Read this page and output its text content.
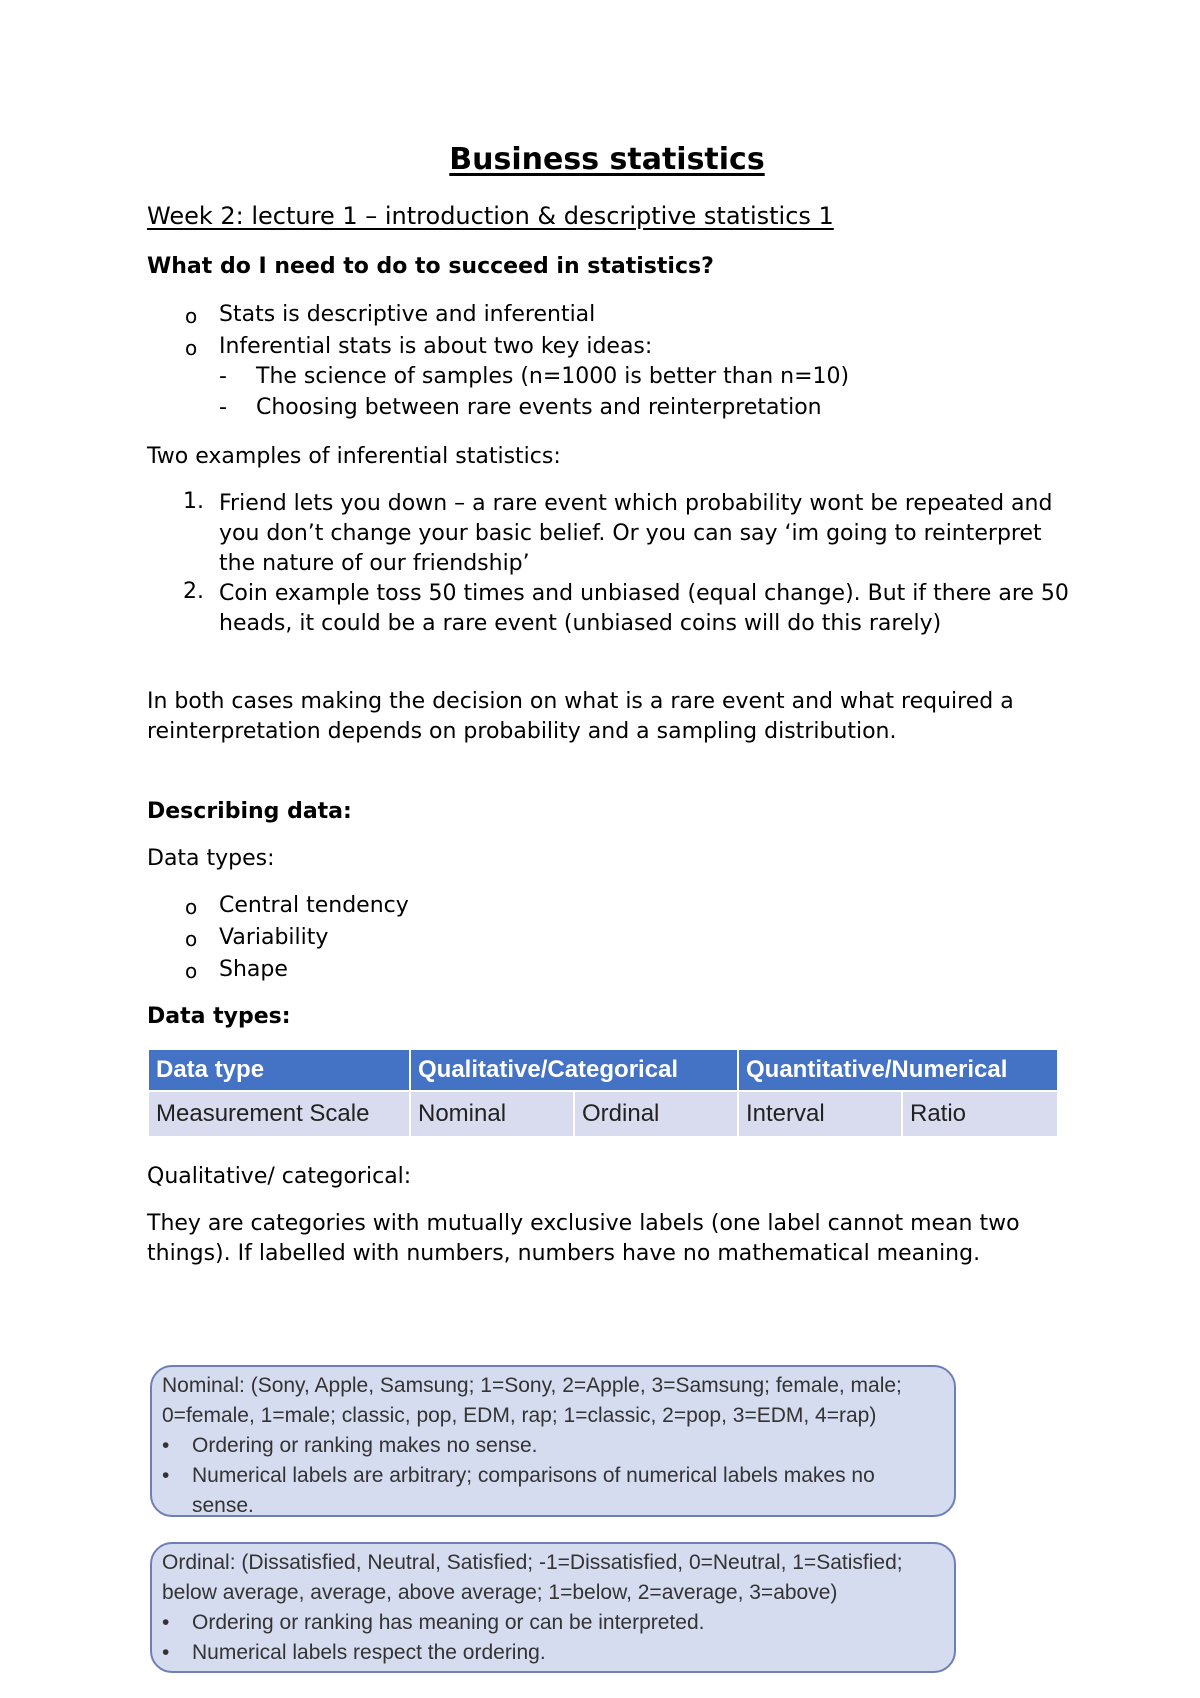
Business statistics
Week 2: lecture 1 – introduction & descriptive statistics 1
What do I need to do to succeed in statistics?
o Stats is descriptive and inferential
o Inferential stats is about two key ideas:
- The science of samples (n=1000 is better than n=10)
- Choosing between rare events and reinterpretation
Two examples of inferential statistics:
1. Friend lets you down – a rare event which probability wont be repeated and you don’t change your basic belief. Or you can say ‘im going to reinterpret the nature of our friendship’
2. Coin example toss 50 times and unbiased (equal change). But if there are 50 heads, it could be a rare event (unbiased coins will do this rarely)
In both cases making the decision on what is a rare event and what required a reinterpretation depends on probability and a sampling distribution.
Describing data:
Data types:
o Central tendency
o Variability
o Shape
Data types:
Data type	Qualitative/Categorical		Quantitative/Numerical	
Measurement Scale	Nominal	Ordinal	Interval	Ratio
Qualitative/ categorical:
They are categories with mutually exclusive labels (one label cannot mean two things). If labelled with numbers, numbers have no mathematical meaning.
Nominal: (Sony, Apple, Samsung; 1=Sony, 2=Apple, 3=Samsung; female, male;
0=female, 1=male; classic, pop, EDM, rap; 1=classic, 2=pop, 3=EDM, 4=rap)
•	Ordering or ranking makes no sense.
•	Numerical labels are arbitrary; comparisons of numerical labels makes no sense.
Ordinal: (Dissatisfied, Neutral, Satisfied; -1=Dissatisfied, 0=Neutral, 1=Satisfied;
below average, average, above average; 1=below, 2=average, 3=above)
•	Ordering or ranking has meaning or can be interpreted.
•	Numerical labels respect the ordering.
